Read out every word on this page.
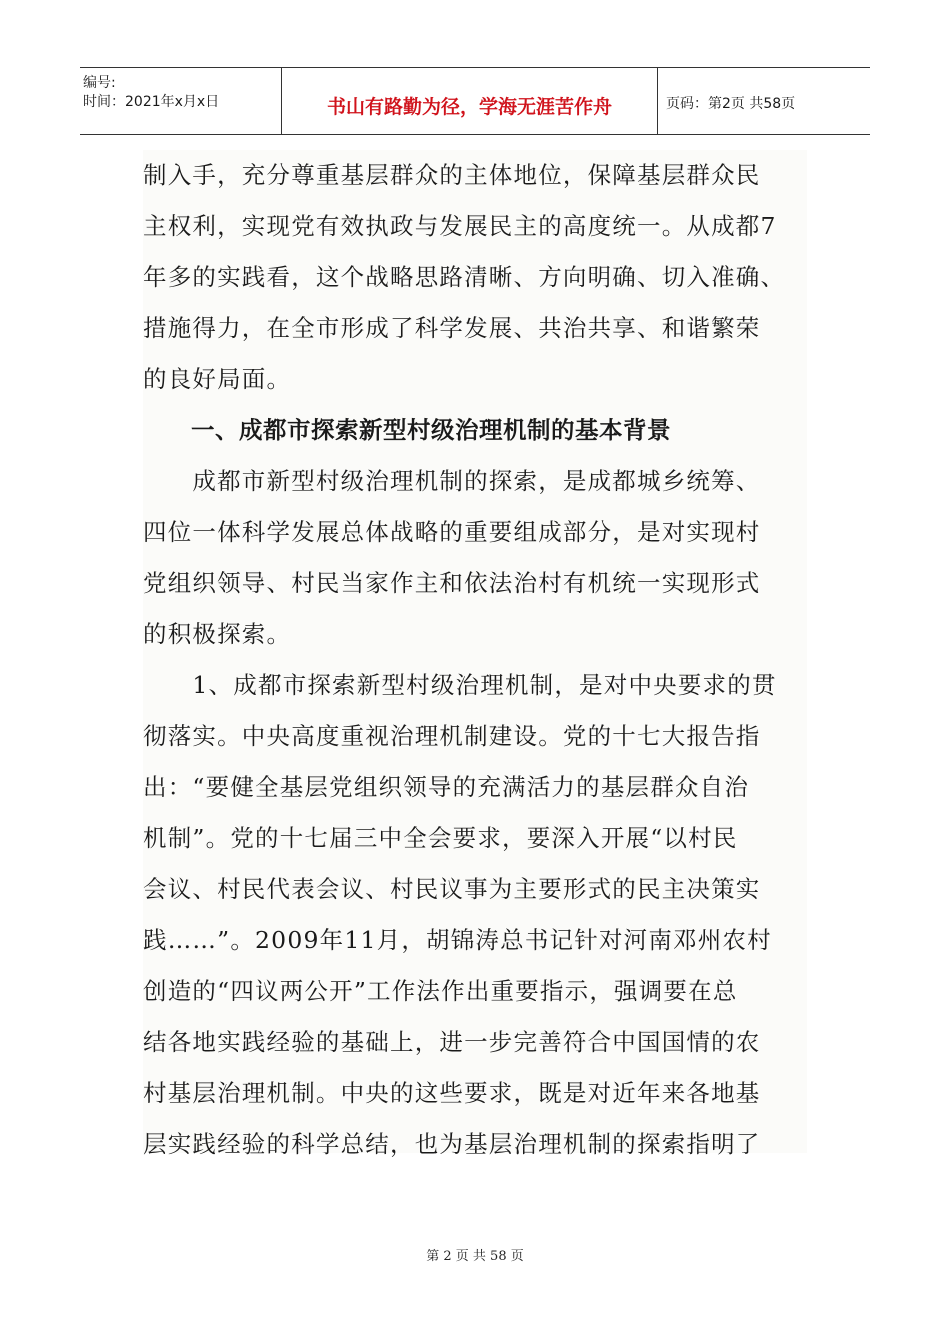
编号:
时间：2021年x月x日	书山有路勤为径，学海无涯苦作舟	页码：第2页 共58页
制入手，充分尊重基层群众的主体地位，保障基层群众民
主权利，实现党有效执政与发展民主的高度统一。从成都7
年多的实践看，这个战略思路清晰、方向明确、切入准确、
措施得力，在全市形成了科学发展、共治共享、和谐繁荣
的良好局面。
　　一、成都市探索新型村级治理机制的基本背景
　　成都市新型村级治理机制的探索，是成都城乡统筹、
四位一体科学发展总体战略的重要组成部分，是对实现村
党组织领导、村民当家作主和依法治村有机统一实现形式
的积极探索。
　　1、成都市探索新型村级治理机制，是对中央要求的贯
彻落实。中央高度重视治理机制建设。党的十七大报告指
出：“要健全基层党组织领导的充满活力的基层群众自治
机制”。党的十七届三中全会要求，要深入开展“以村民
会议、村民代表会议、村民议事为主要形式的民主决策实
践……”。2009年11月，胡锦涛总书记针对河南邓州农村
创造的“四议两公开”工作法作出重要指示，强调要在总
结各地实践经验的基础上，进一步完善符合中国国情的农
村基层治理机制。中央的这些要求，既是对近年来各地基
层实践经验的科学总结，也为基层治理机制的探索指明了
第 2 页 共 58 页
